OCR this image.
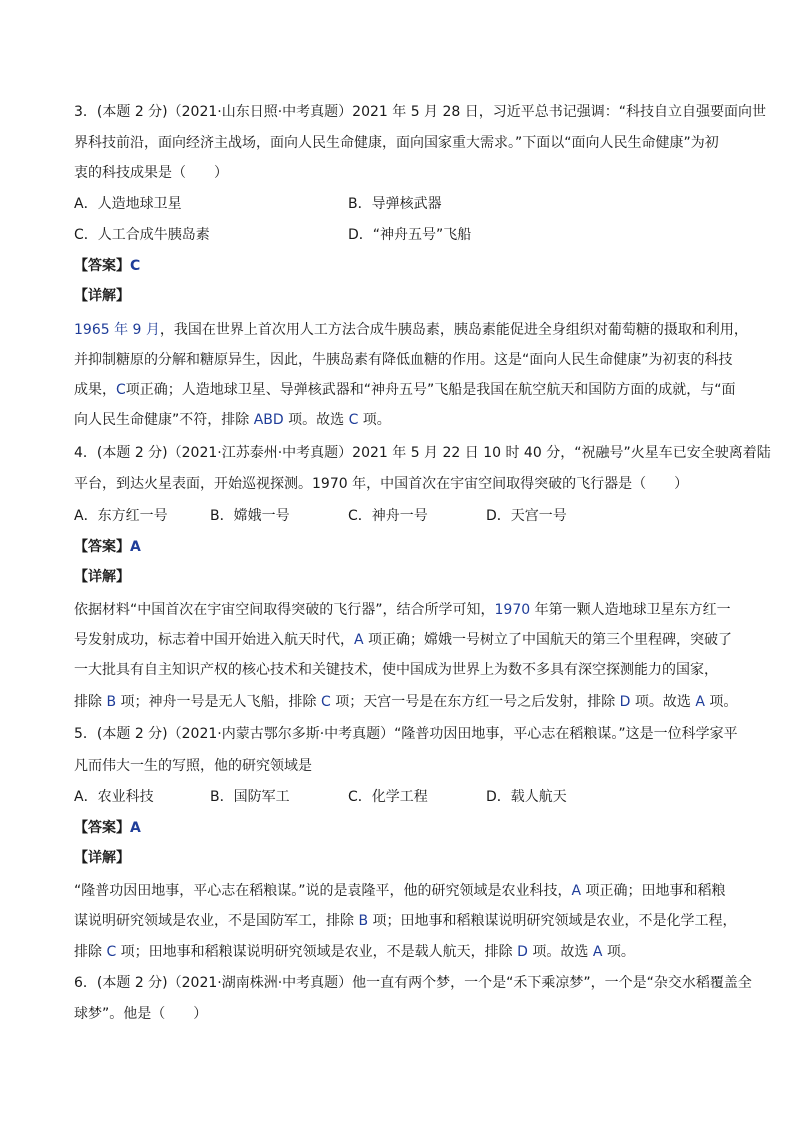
3．(本题 2 分)（2021·山东日照·中考真题）2021 年 5 月 28 日，习近平总书记强调：“科技自立自强要面向世
界科技前沿，面向经济主战场，面向人民生命健康，面向国家重大需求。”下面以“面向人民生命健康”为初
衷的科技成果是（　　）
A．人造地球卫星	B．导弹核武器
C．人工合成牛胰岛素	D．“神舟五号”飞船
【答案】C
【详解】
1965 年 9 月，我国在世界上首次用人工方法合成牛胰岛素，胰岛素能促进全身组织对葡萄糖的摄取和利用，
并抑制糖原的分解和糖原异生，因此，牛胰岛素有降低血糖的作用。这是“面向人民生命健康”为初衷的科技
成果，C项正确；人造地球卫星、导弹核武器和“神舟五号”飞船是我国在航空航天和国防方面的成就，与“面
向人民生命健康”不符，排除 ABD 项。故选 C 项。
4．(本题 2 分)（2021·江苏泰州·中考真题）2021 年 5 月 22 日 10 时 40 分，“祝融号”火星车已安全驶离着陆
平台，到达火星表面，开始巡视探测。1970 年，中国首次在宇宙空间取得突破的飞行器是（　　）
A．东方红一号	B．嫦娥一号	C．神舟一号	D．天宫一号
【答案】A
【详解】
依据材料“中国首次在宇宙空间取得突破的飞行器”，结合所学可知，1970 年第一颗人造地球卫星东方红一
号发射成功，标志着中国开始进入航天时代，A 项正确；嫦娥一号树立了中国航天的第三个里程碑，突破了
一大批具有自主知识产权的核心技术和关键技术，使中国成为世界上为数不多具有深空探测能力的国家，
排除 B 项；神舟一号是无人飞船，排除 C 项；天宫一号是在东方红一号之后发射，排除 D 项。故选 A 项。
5．(本题 2 分)（2021·内蒙古鄂尔多斯·中考真题）“隆普功因田地事，平心志在稻粮谋。”这是一位科学家平
凡而伟大一生的写照，他的研究领域是
A．农业科技	B．国防军工	C．化学工程	D．载人航天
【答案】A
【详解】
“隆普功因田地事，平心志在稻粮谋。”说的是袁隆平，他的研究领域是农业科技，A 项正确；田地事和稻粮
谋说明研究领域是农业，不是国防军工，排除 B 项；田地事和稻粮谋说明研究领域是农业，不是化学工程，
排除 C 项；田地事和稻粮谋说明研究领域是农业，不是载人航天，排除 D 项。故选 A 项。
6．(本题 2 分)（2021·湖南株洲·中考真题）他一直有两个梦，一个是“禾下乘凉梦”，一个是“杂交水稻覆盖全
球梦”。他是（　　）
